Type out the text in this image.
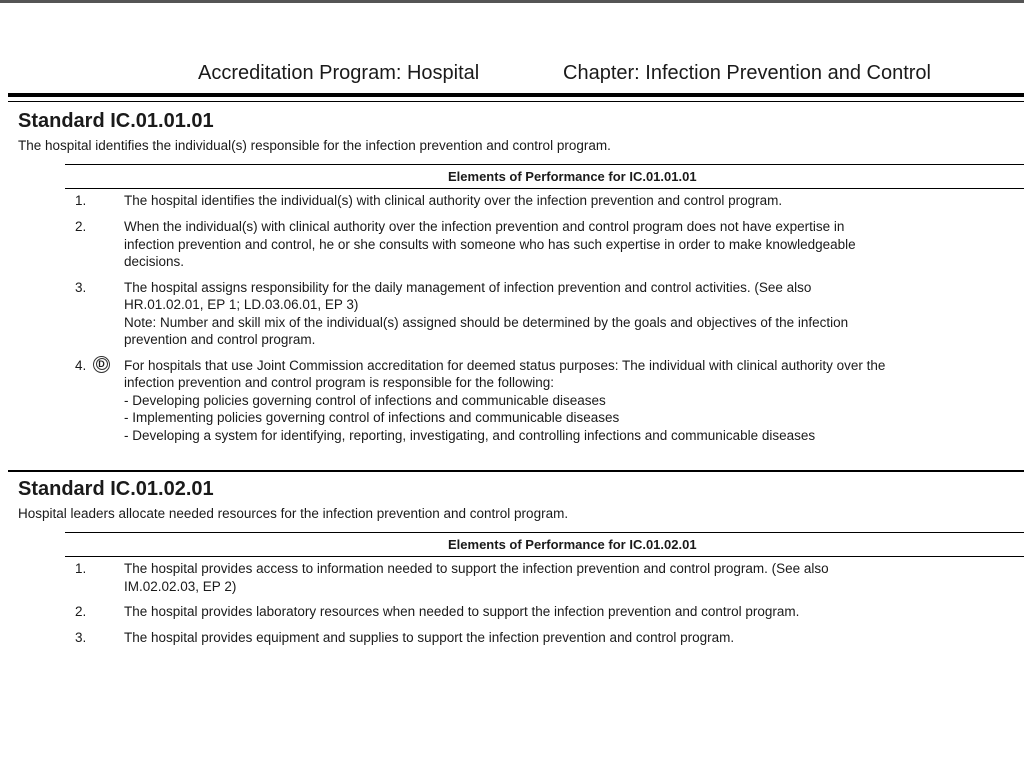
Accreditation Program: Hospital	Chapter: Infection Prevention and Control
Standard IC.01.01.01
The hospital identifies the individual(s) responsible for the infection prevention and control program.
Elements of Performance for IC.01.01.01
1.	The hospital identifies the individual(s) with clinical authority over the infection prevention and control program.
2.	When the individual(s) with clinical authority over the infection prevention and control program does not have expertise in
infection prevention and control, he or she consults with someone who has such expertise in order to make knowledgeable
decisions.
3.	The hospital assigns responsibility for the daily management of infection prevention and control activities. (See also
HR.01.02.01, EP 1; LD.03.06.01, EP 3)
Note: Number and skill mix of the individual(s) assigned should be determined by the goals and objectives of the infection
prevention and control program.
4.	D For hospitals that use Joint Commission accreditation for deemed status purposes: The individual with clinical authority over the
infection prevention and control program is responsible for the following:
- Developing policies governing control of infections and communicable diseases
- Implementing policies governing control of infections and communicable diseases
- Developing a system for identifying, reporting, investigating, and controlling infections and communicable diseases
Standard IC.01.02.01
Hospital leaders allocate needed resources for the infection prevention and control program.
Elements of Performance for IC.01.02.01
1.	The hospital provides access to information needed to support the infection prevention and control program. (See also
IM.02.02.03, EP 2)
2.	The hospital provides laboratory resources when needed to support the infection prevention and control program.
3.	The hospital provides equipment and supplies to support the infection prevention and control program.
